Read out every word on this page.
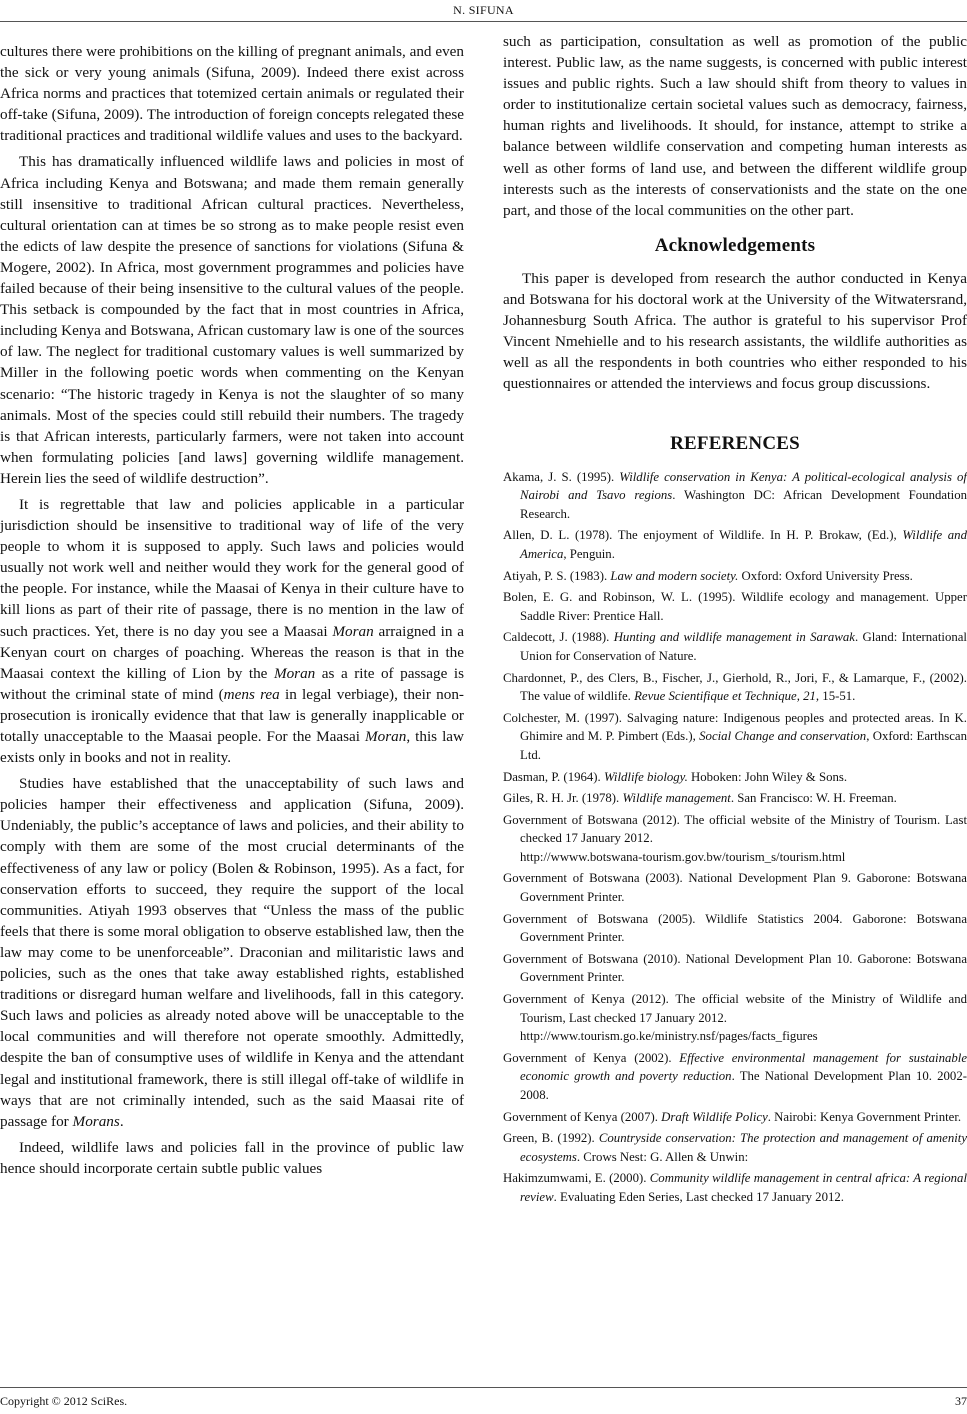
N. SIFUNA

cultures there were prohibitions on the killing of pregnant animals, and even the sick or very young animals (Sifuna, 2009). Indeed there exist across Africa norms and practices that totemized certain animals or regulated their off-take (Sifuna, 2009). The introduction of foreign concepts relegated these traditional practices and traditional wildlife values and uses to the backyard.

This has dramatically influenced wildlife laws and policies in most of Africa including Kenya and Botswana; and made them remain generally still insensitive to traditional African cultural practices. Nevertheless, cultural orientation can at times be so strong as to make people resist even the edicts of law despite the presence of sanctions for violations (Sifuna & Mogere, 2002). In Africa, most government programmes and policies have failed because of their being insensitive to the cultural values of the people. This setback is compounded by the fact that in most countries in Africa, including Kenya and Botswana, African customary law is one of the sources of law. The neglect for traditional customary values is well summarized by Miller in the following poetic words when commenting on the Kenyan scenario: “The historic tragedy in Kenya is not the slaughter of so many animals. Most of the species could still rebuild their numbers. The tragedy is that African interests, particularly farmers, were not taken into account when formulating policies [and laws] governing wildlife management. Herein lies the seed of wildlife destruction”.

It is regrettable that law and policies applicable in a particular jurisdiction should be insensitive to traditional way of life of the very people to whom it is supposed to apply. Such laws and policies would usually not work well and neither would they work for the general good of the people. For instance, while the Maasai of Kenya in their culture have to kill lions as part of their rite of passage, there is no mention in the law of such practices. Yet, there is no day you see a Maasai Moran arraigned in a Kenyan court on charges of poaching. Whereas the reason is that in the Maasai context the killing of Lion by the Moran as a rite of passage is without the criminal state of mind (mens rea in legal verbiage), their non-prosecution is ironically evidence that that law is generally inapplicable or totally unacceptable to the Maasai people. For the Maasai Moran, this law exists only in books and not in reality.

Studies have established that the unacceptability of such laws and policies hamper their effectiveness and application (Sifuna, 2009). Undeniably, the public’s acceptance of laws and policies, and their ability to comply with them are some of the most crucial determinants of the effectiveness of any law or policy (Bolen & Robinson, 1995). As a fact, for conservation efforts to succeed, they require the support of the local communities. Atiyah 1993 observes that “Unless the mass of the public feels that there is some moral obligation to observe established law, then the law may come to be unenforceable”. Draconian and militaristic laws and policies, such as the ones that take away established rights, established traditions or disregard human welfare and livelihoods, fall in this category. Such laws and policies as already noted above will be unacceptable to the local communities and will therefore not operate smoothly. Admittedly, despite the ban of consumptive uses of wildlife in Kenya and the attendant legal and institutional framework, there is still illegal off-take of wildlife in ways that are not criminally intended, such as the said Maasai rite of passage for Morans.

Indeed, wildlife laws and policies fall in the province of public law hence should incorporate certain subtle public values

such as participation, consultation as well as promotion of the public interest. Public law, as the name suggests, is concerned with public interest issues and public rights. Such a law should shift from theory to values in order to institutionalize certain societal values such as democracy, fairness, human rights and livelihoods. It should, for instance, attempt to strike a balance between wildlife conservation and competing human interests as well as other forms of land use, and between the different wildlife group interests such as the interests of conservationists and the state on the one part, and those of the local communities on the other part.

Acknowledgements

This paper is developed from research the author conducted in Kenya and Botswana for his doctoral work at the University of the Witwatersrand, Johannesburg South Africa. The author is grateful to his supervisor Prof Vincent Nmehielle and to his research assistants, the wildlife authorities as well as all the respondents in both countries who either responded to his questionnaires or attended the interviews and focus group discussions.

REFERENCES
Akama, J. S. (1995). Wildlife conservation in Kenya: A political-ecological analysis of Nairobi and Tsavo regions. Washington DC: African Development Foundation Research.
Allen, D. L. (1978). The enjoyment of Wildlife. In H. P. Brokaw, (Ed.), Wildlife and America, Penguin.
Atiyah, P. S. (1983). Law and modern society. Oxford: Oxford University Press.
Bolen, E. G. and Robinson, W. L. (1995). Wildlife ecology and management. Upper Saddle River: Prentice Hall.
Caldecott, J. (1988). Hunting and wildlife management in Sarawak. Gland: International Union for Conservation of Nature.
Chardonnet, P., des Clers, B., Fischer, J., Gierhold, R., Jori, F., & Lamarque, F., (2002). The value of wildlife. Revue Scientifique et Technique, 21, 15-51.
Colchester, M. (1997). Salvaging nature: Indigenous peoples and protected areas. In K. Ghimire and M. P. Pimbert (Eds.), Social Change and conservation, Oxford: Earthscan Ltd.
Dasman, P. (1964). Wildlife biology. Hoboken: John Wiley & Sons.
Giles, R. H. Jr. (1978). Wildlife management. San Francisco: W. H. Freeman.
Government of Botswana (2012). The official website of the Ministry of Tourism. Last checked 17 January 2012.
http://wwww.botswana-tourism.gov.bw/tourism_s/tourism.html
Government of Botswana (2003). National Development Plan 9. Gaborone: Botswana Government Printer.
Government of Botswana (2005). Wildlife Statistics 2004. Gaborone: Botswana Government Printer.
Government of Botswana (2010). National Development Plan 10. Gaborone: Botswana Government Printer.
Government of Kenya (2012). The official website of the Ministry of Wildlife and Tourism, Last checked 17 January 2012.
http://www.tourism.go.ke/ministry.nsf/pages/facts_figures
Government of Kenya (2002). Effective environmental management for sustainable economic growth and poverty reduction. The National Development Plan 10. 2002-2008.
Government of Kenya (2007). Draft Wildlife Policy. Nairobi: Kenya Government Printer.
Green, B. (1992). Countryside conservation: The protection and management of amenity ecosystems. Crows Nest: G. Allen & Unwin:
Hakimzumwami, E. (2000). Community wildlife management in central africa: A regional review. Evaluating Eden Series, Last checked 17 January 2012.
Copyright © 2012 SciRes.	37
